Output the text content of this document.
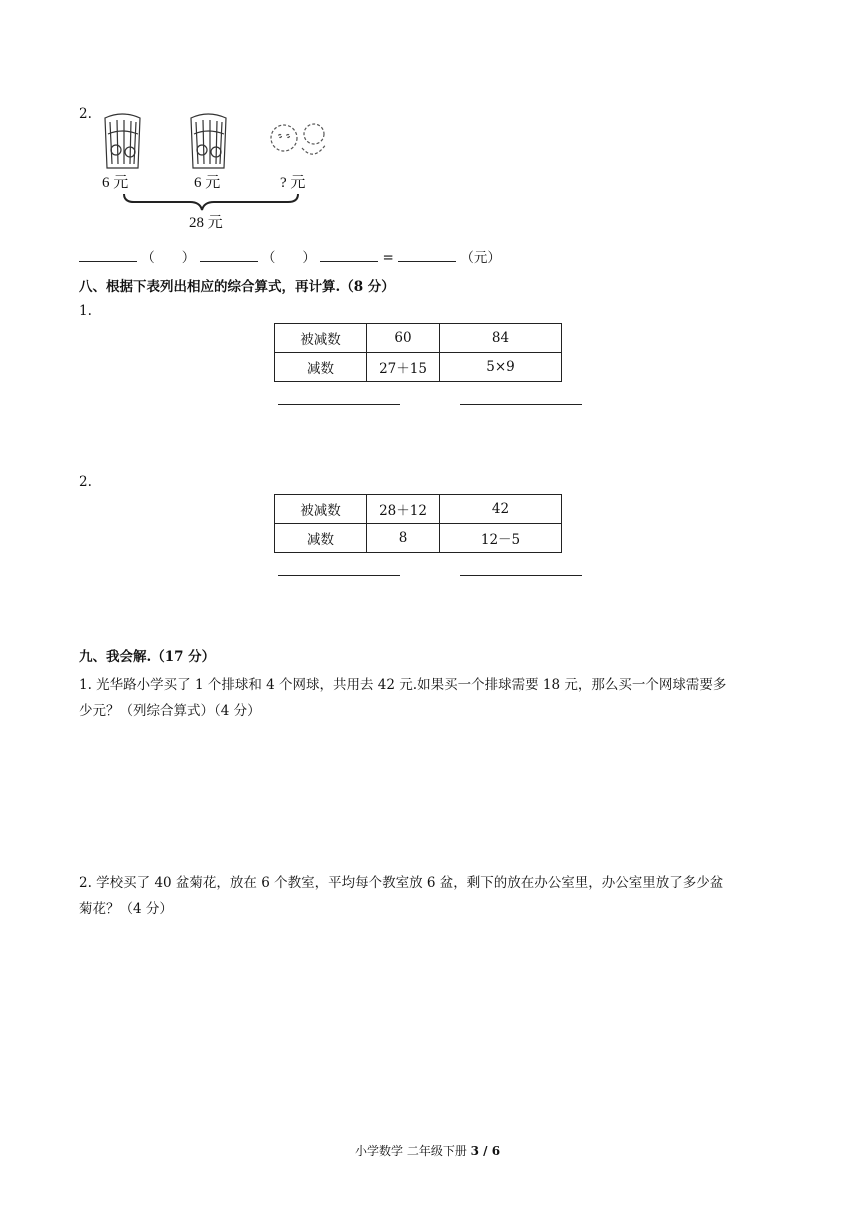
2.
6 元	6 元	? 元
28 元
（　　）	（　　）	=	（元）
八、根据下表列出相应的综合算式，再计算.（8 分）
1.
被减数	60	84
减数	27＋15	5×9
2.
被减数	28＋12	42
减数	8	12－5
九、我会解.（17 分）
1. 光华路小学买了 1 个排球和 4 个网球，共用去 42 元.如果买一个排球需要 18 元，那么买一个网球需要多
少元？（列综合算式）（4 分）
2. 学校买了 40 盆菊花，放在 6 个教室，平均每个教室放 6 盆，剩下的放在办公室里，办公室里放了多少盆
菊花？（4 分）
小学数学 二年级下册 3 / 6
